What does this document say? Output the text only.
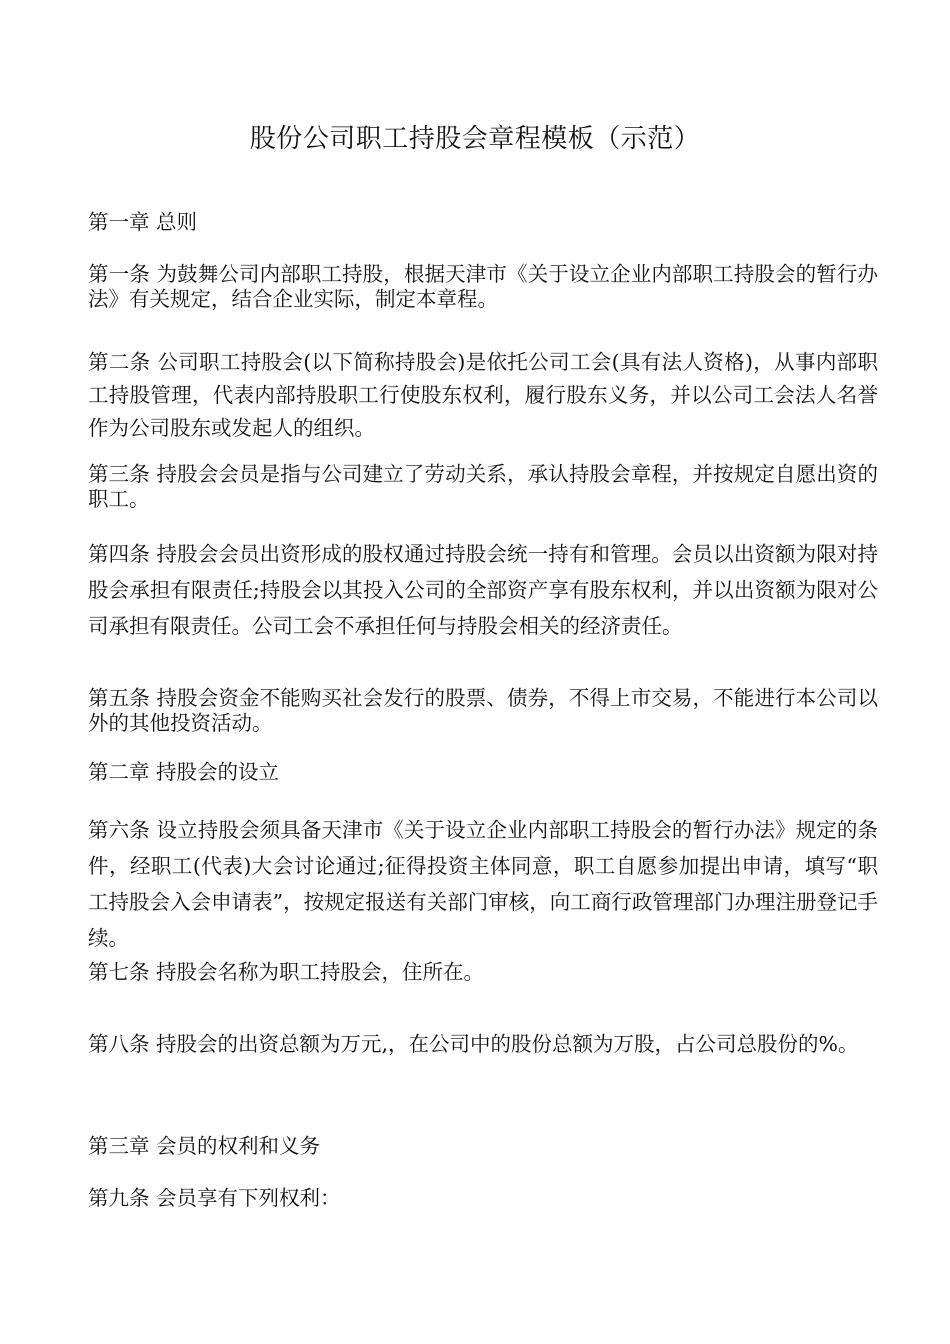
股份公司职工持股会章程模板（示范）

第一章 总则

第一条 为鼓舞公司内部职工持股，根据天津市《关于设立企业内部职工持股会的暂行办法》有关规定，结合企业实际，制定本章程。

第二条 公司职工持股会(以下简称持股会)是依托公司工会(具有法人资格)，从事内部职工持股管理，代表内部持股职工行使股东权利，履行股东义务，并以公司工会法人名誉作为公司股东或发起人的组织。

第三条 持股会会员是指与公司建立了劳动关系，承认持股会章程，并按规定自愿出资的职工。

第四条 持股会会员出资形成的股权通过持股会统一持有和管理。会员以出资额为限对持股会承担有限责任;持股会以其投入公司的全部资产享有股东权利，并以出资额为限对公司承担有限责任。公司工会不承担任何与持股会相关的经济责任。

第五条 持股会资金不能购买社会发行的股票、债券，不得上市交易，不能进行本公司以外的其他投资活动。

第二章 持股会的设立

第六条 设立持股会须具备天津市《关于设立企业内部职工持股会的暂行办法》规定的条件，经职工(代表)大会讨论通过;征得投资主体同意，职工自愿参加提出申请，填写“职工持股会入会申请表”，按规定报送有关部门审核，向工商行政管理部门办理注册登记手续。

第七条 持股会名称为职工持股会，住所在。

第八条 持股会的出资总额为万元,，在公司中的股份总额为万股，占公司总股份的%。

第三章 会员的权利和义务

第九条 会员享有下列权利：
